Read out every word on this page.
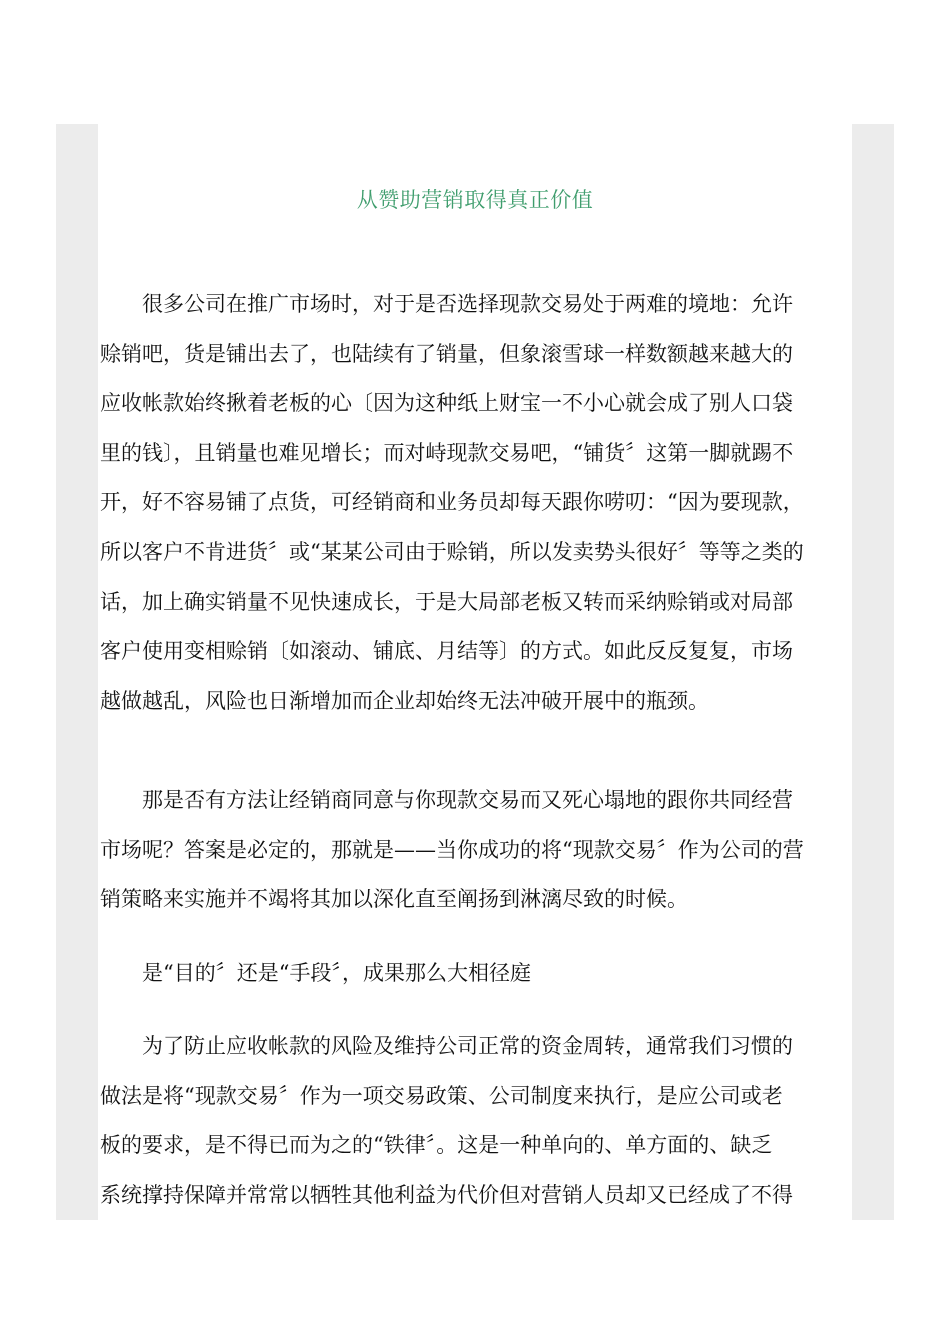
从赞助营销取得真正价值
　　很多公司在推广市场时，对于是否选择现款交易处于两难的境地：允许
赊销吧，货是铺出去了，也陆续有了销量，但象滚雪球一样数额越来越大的
应收帐款始终揪着老板的心〔因为这种纸上财宝一不小心就会成了别人口袋
里的钱〕，且销量也难见增长；而对峙现款交易吧，“铺货〞这第一脚就踢不
开，好不容易铺了点货，可经销商和业务员却每天跟你唠叨：“因为要现款，
所以客户不肯进货〞或“某某公司由于赊销，所以发卖势头很好〞等等之类的
话，加上确实销量不见快速成长，于是大局部老板又转而采纳赊销或对局部
客户使用变相赊销〔如滚动、铺底、月结等〕的方式。如此反反复复，市场
越做越乱，风险也日渐增加而企业却始终无法冲破开展中的瓶颈。
　　那是否有方法让经销商同意与你现款交易而又死心塌地的跟你共同经营
市场呢？答案是必定的，那就是——当你成功的将“现款交易〞作为公司的营
销策略来实施并不竭将其加以深化直至阐扬到淋漓尽致的时候。
　　是“目的〞还是“手段〞，成果那么大相径庭
　　为了防止应收帐款的风险及维持公司正常的资金周转，通常我们习惯的
做法是将“现款交易〞作为一项交易政策、公司制度来执行，是应公司或老
板的要求，是不得已而为之的“铁律〞。这是一种单向的、单方面的、缺乏
系统撑持保障并常常以牺牲其他利益为代价但对营销人员却又已经成了不得
